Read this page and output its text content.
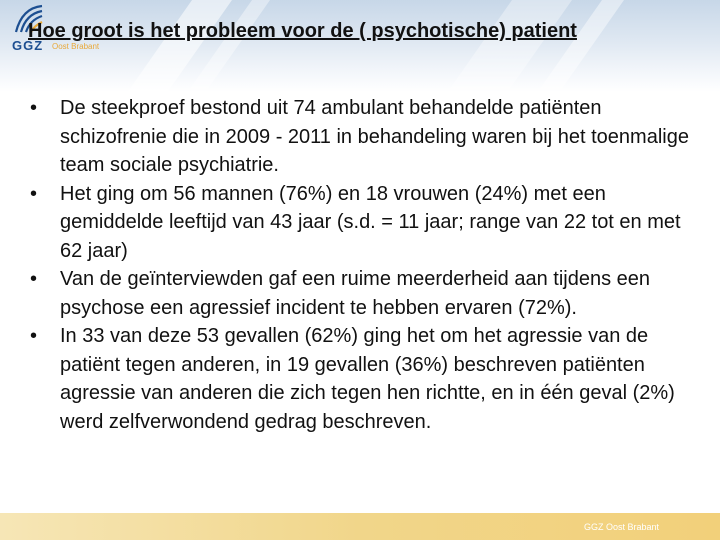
GGZ Oost Brabant
Hoe groot is het probleem voor de ( psychotische) patient
• De steekproef bestond uit 74 ambulant behandelde patiënten schizofrenie die in 2009 - 2011 in behandeling waren bij het toenmalige team sociale psychiatrie.
• Het ging om 56 mannen (76%) en 18 vrouwen (24%) met een gemiddelde leeftijd van 43 jaar (s.d. = 11 jaar; range van 22 tot en met 62 jaar)
• Van de geïnterviewden gaf een ruime meerderheid aan tijdens een psychose een agressief incident te hebben ervaren (72%).
• In 33 van deze 53 gevallen (62%) ging het om het agressie van de patiënt tegen anderen, in 19 gevallen (36%) beschreven patiënten agressie van anderen die zich tegen hen richtte, en in één geval (2%) werd zelfverwondend gedrag beschreven.
GGZ Oost Brabant
